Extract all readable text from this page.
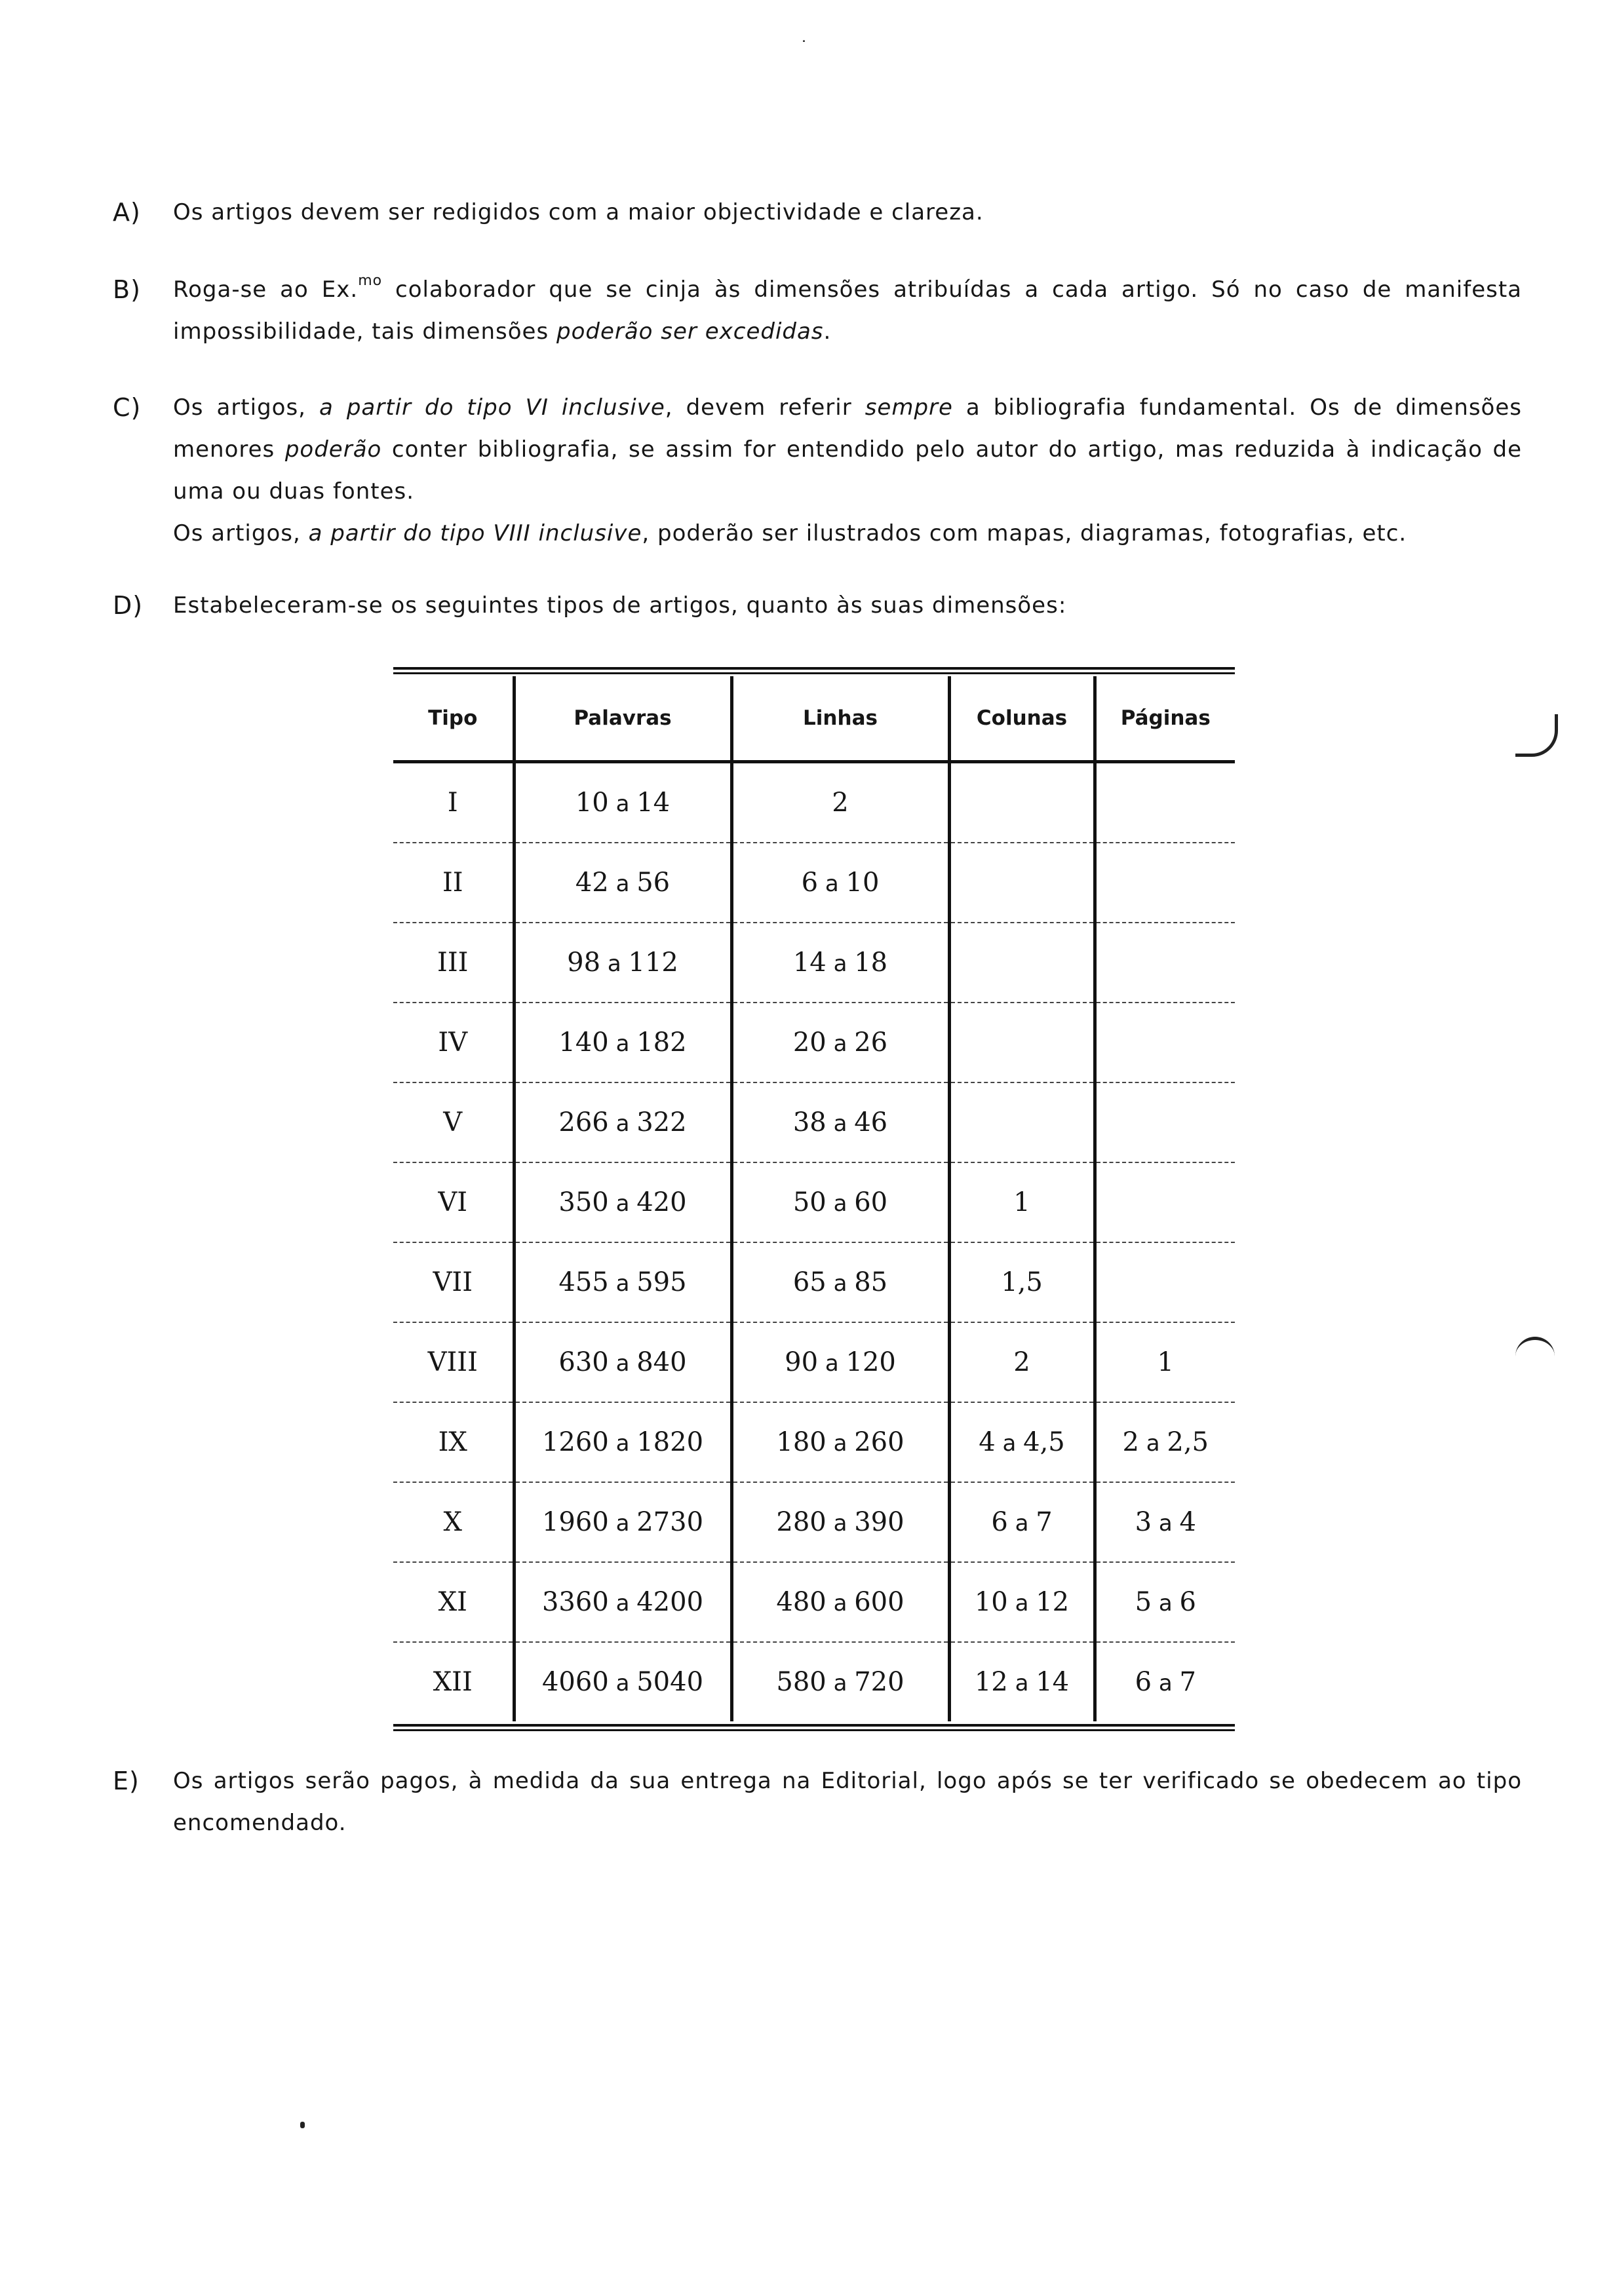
A) Os artigos devem ser redigidos com a maior objectividade e clareza.

B) Roga-se ao Ex.$^{mo}$ colaborador que se cinja às dimensões atribuídas a cada artigo. Só no caso de manifesta impossibilidade, tais dimensões poderão ser excedidas.

C) Os artigos, a partir do tipo VI inclusive, devem referir sempre a bibliografia fundamental. Os de dimensões menores poderão conter bibliografia, se assim for entendido pelo autor do artigo, mas reduzida à indicação de uma ou duas fontes.

Os artigos, a partir do tipo VIII inclusive, poderão ser ilustrados com mapas, diagramas, fotografias, etc.

D) Estabeleceram-se os seguintes tipos de artigos, quanto às suas dimensões:

Tipo	Palavras	Linhas	Colunas	Páginas
I	10 a 14	2		
II	42 a 56	6 a 10		
III	98 a 112	14 a 18		
IV	140 a 182	20 a 26		
V	266 a 322	38 a 46		
VI	350 a 420	50 a 60	1	
VII	455 a 595	65 a 85	1,5	
VIII	630 a 840	90 a 120	2	1
IX	1260 a 1820	180 a 260	4 a 4,5	2 a 2,5
X	1960 a 2730	280 a 390	6 a 7	3 a 4
XI	3360 a 4200	480 a 600	10 a 12	5 a 6
XII	4060 a 5040	580 a 720	12 a 14	6 a 7
E) Os artigos serão pagos, à medida da sua entrega na Editorial, logo após se ter verificado se obedecem ao tipo encomendado.

˙
